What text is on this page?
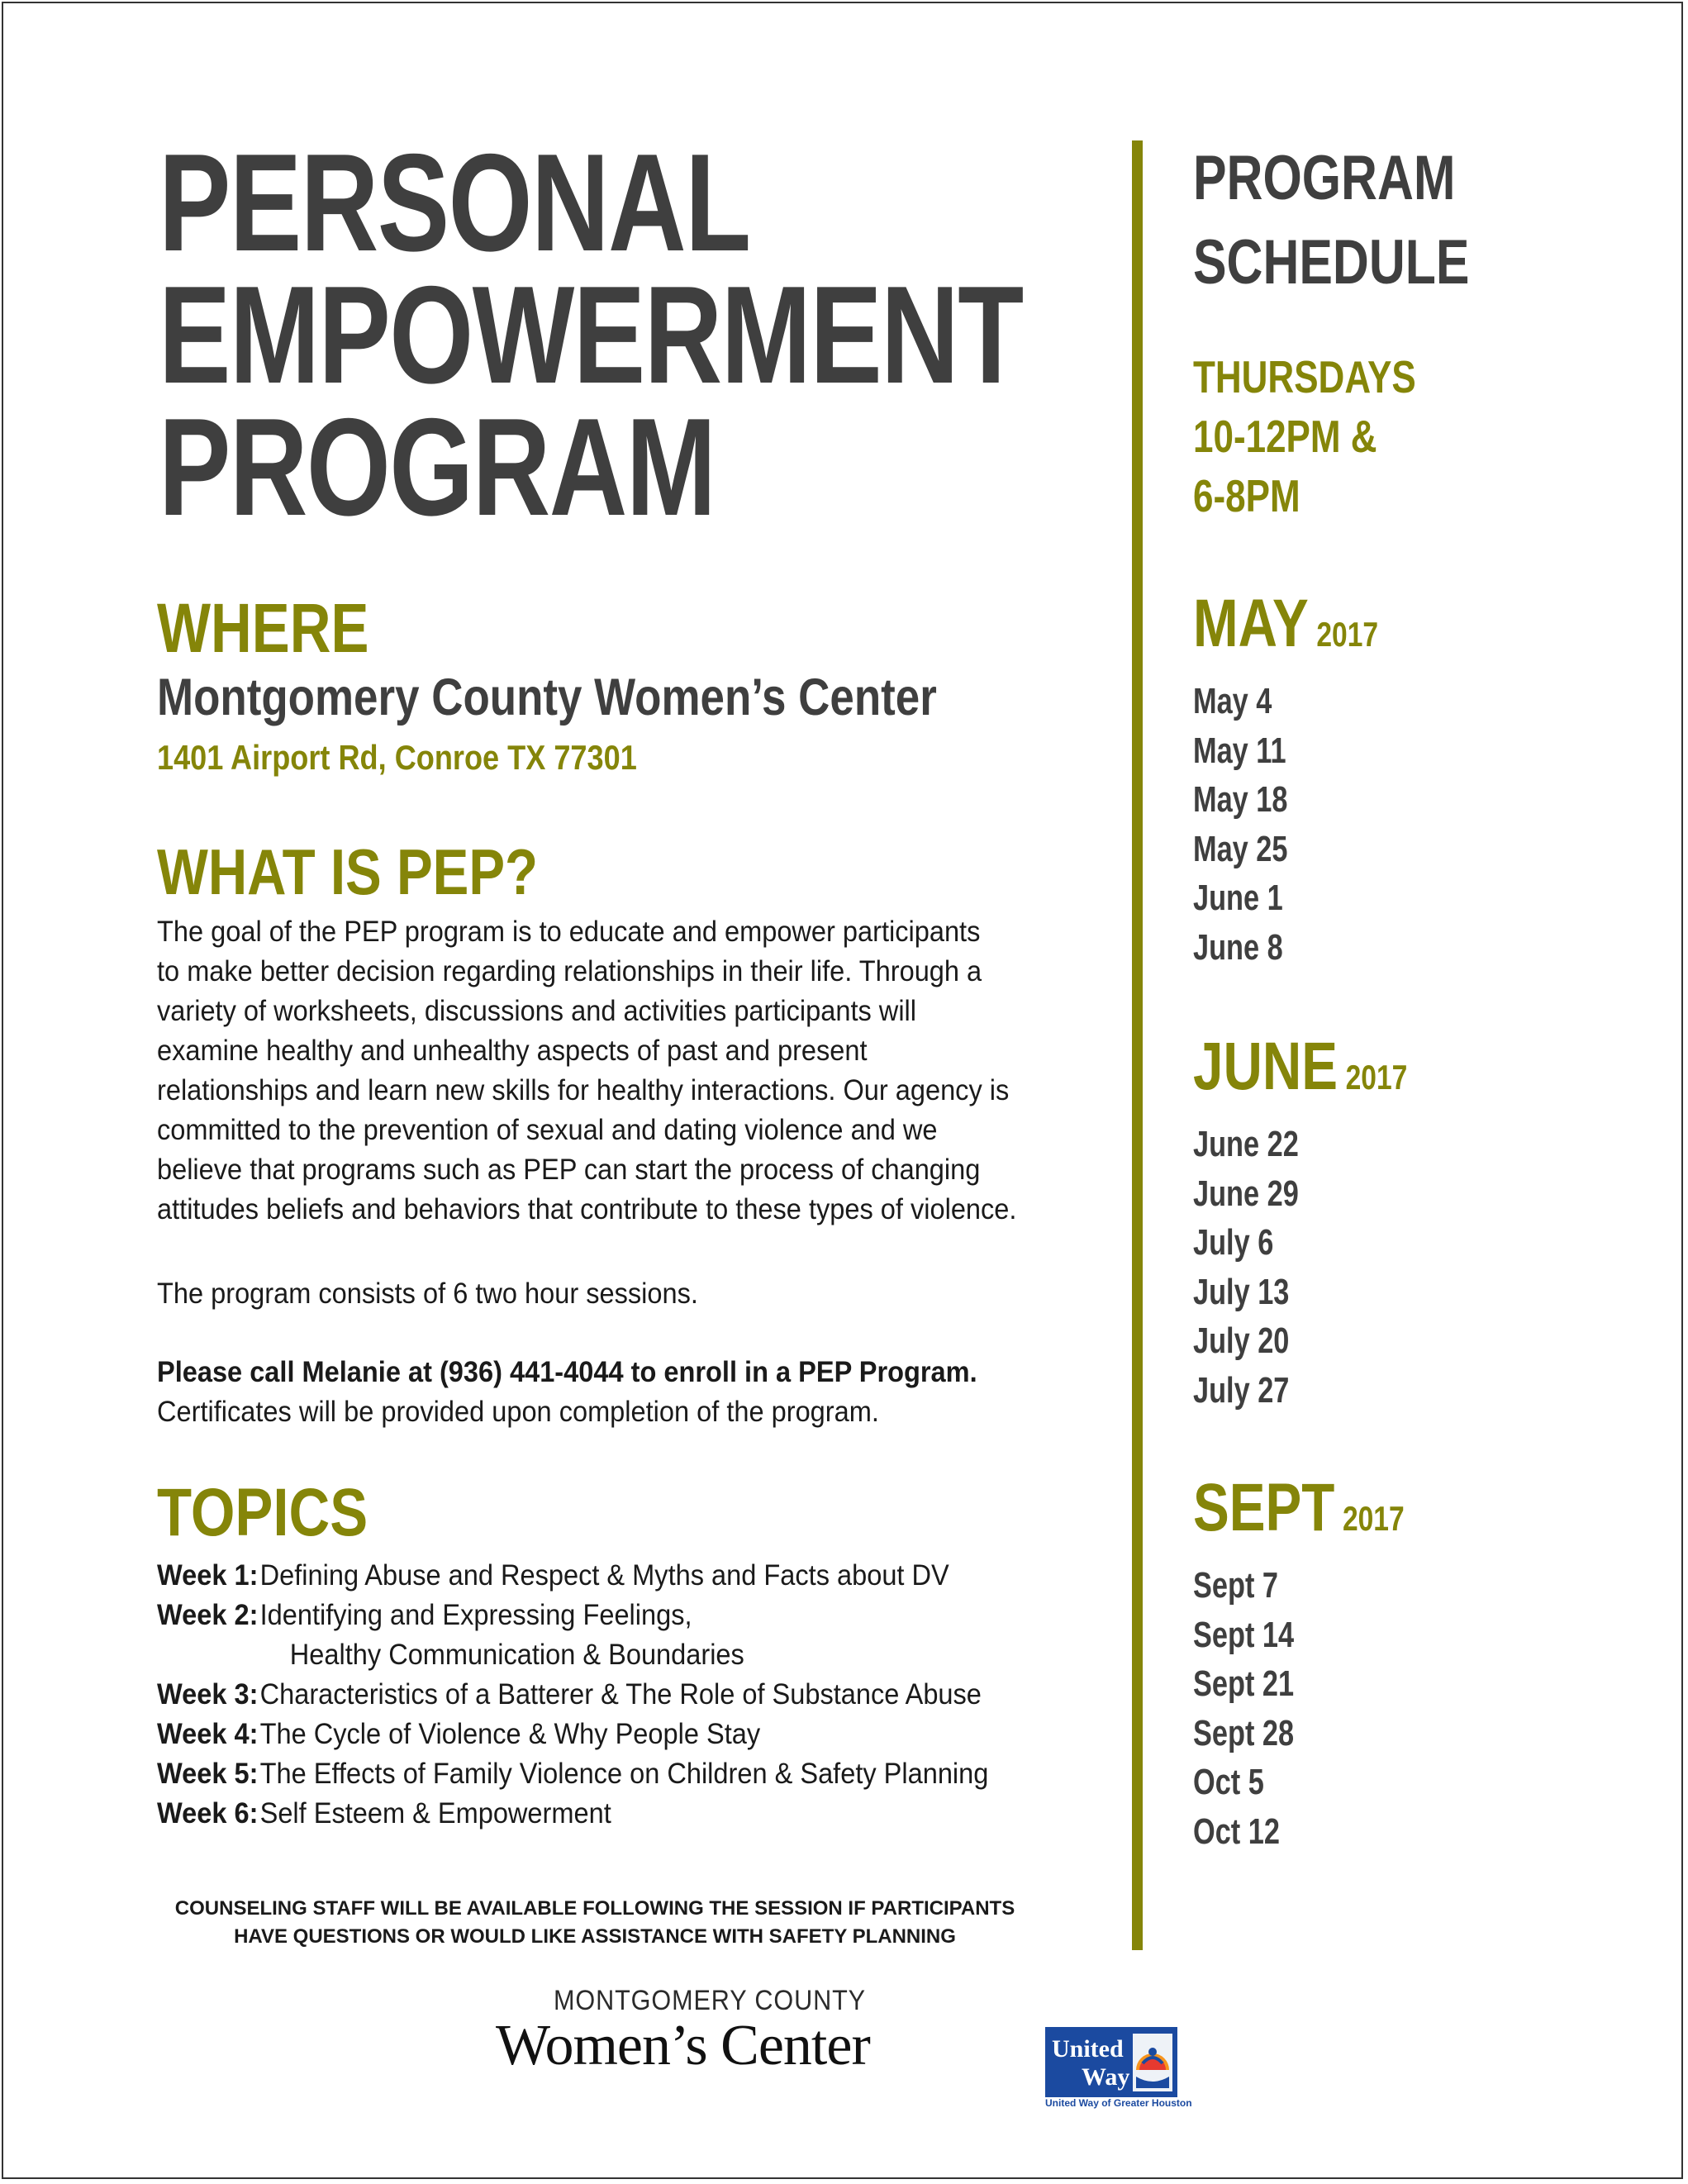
PERSONAL
EMPOWERMENT
PROGRAM
WHERE
Montgomery County Women’s Center
1401 Airport Rd, Conroe TX 77301
WHAT IS PEP?
The goal of the PEP program is to educate and empower participants
to make better decision regarding relationships in their life. Through a
variety of worksheets, discussions and activities participants will
examine healthy and unhealthy aspects of past and present
relationships and learn new skills for healthy interactions. Our agency is
committed to the prevention of sexual and dating violence and we
believe that programs such as PEP can start the process of changing
attitudes beliefs and behaviors that contribute to these types of violence.
The program consists of 6 two hour sessions.
Please call Melanie at (936) 441-4044 to enroll in a PEP Program.
Certificates will be provided upon completion of the program.
TOPICS
Week 1: Defining Abuse and Respect & Myths and Facts about DV
Week 2: Identifying and Expressing Feelings,
Healthy Communication & Boundaries
Week 3: Characteristics of a Batterer & The Role of Substance Abuse
Week 4: The Cycle of Violence & Why People Stay
Week 5: The Effects of Family Violence on Children & Safety Planning
Week 6: Self Esteem & Empowerment
COUNSELING STAFF WILL BE AVAILABLE FOLLOWING THE SESSION IF PARTICIPANTS
HAVE QUESTIONS OR WOULD LIKE ASSISTANCE WITH SAFETY PLANNING
PROGRAM
SCHEDULE
THURSDAYS
10-12PM &
6-8PM
MAY 2017
May 4
May 11
May 18
May 25
June 1
June 8
JUNE 2017
June 22
June 29
July 6
July 13
July 20
July 27
SEPT 2017
Sept 7
Sept 14
Sept 21
Sept 28
Oct 5
Oct 12
MONTGOMERY COUNTY
Women’s Center	United
Way
United Way of Greater Houston
